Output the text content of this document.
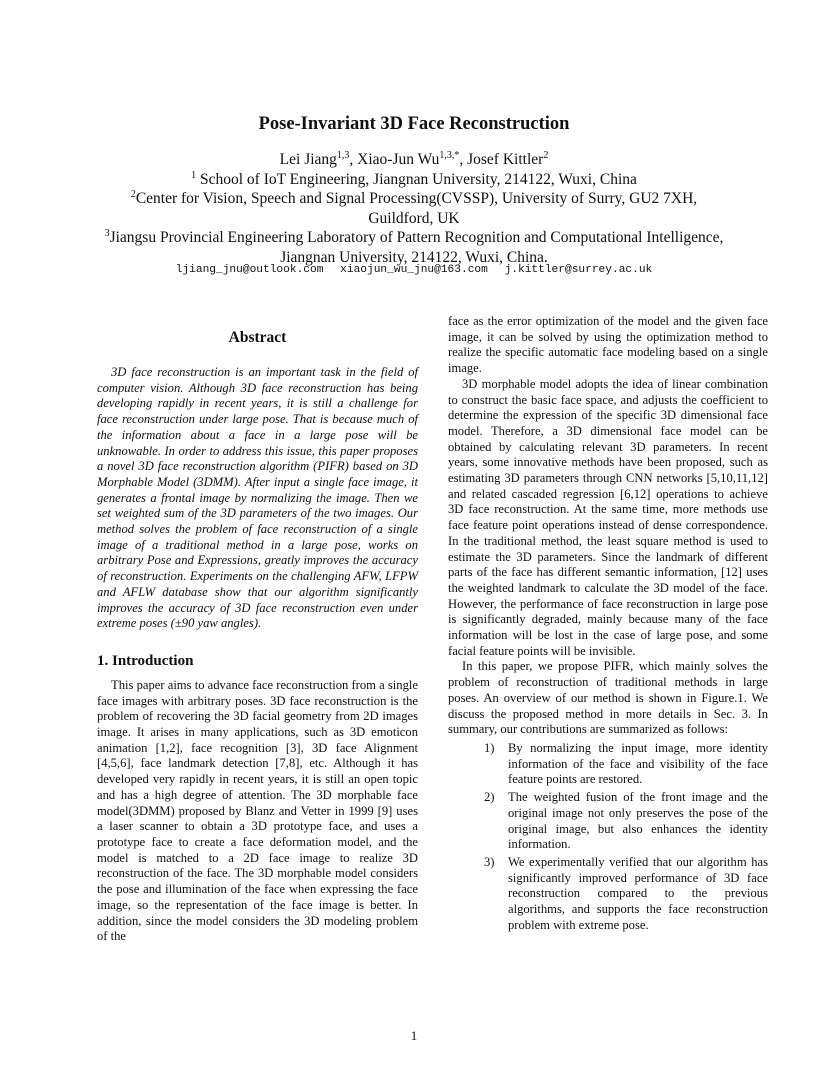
Pose-Invariant 3D Face Reconstruction
Lei Jiang$^{1,3}$, Xiao-Jun $Wu^{1,3,*}$, Josef Kittler$^2$
$^1$ School of IoT Engineering, Jiangnan University, 214122, Wuxi, China
$^2$Center for Vision, Speech and Signal Processing(CVSSP), University of Surry, GU2 7XH,
Guildford, UK
$^3$Jiangsu Provincial Engineering Laboratory of Pattern Recognition and Computational Intelligence,
Jiangnan University, 214122, Wuxi, China.
ljiang_jnu@outlook.com xiaojun_wu_jnu@163.com j.kittler@surrey.ac.uk
Abstract

3D face reconstruction is an important task in the field of computer vision. Although 3D face reconstruction has being developing rapidly in recent years, it is still a challenge for face reconstruction under large pose. That is because much of the information about a face in a large pose will be unknowable. In order to address this issue, this paper proposes a novel 3D face reconstruction algorithm (PIFR) based on 3D Morphable Model (3DMM). After input a single face image, it generates a frontal image by normalizing the image. Then we set weighted sum of the 3D parameters of the two images. Our method solves the problem of face reconstruction of a single image of a traditional method in a large pose, works on arbitrary Pose and Expressions, greatly improves the accuracy of reconstruction. Experiments on the challenging AFW, LFPW and AFLW database show that our algorithm significantly improves the accuracy of 3D face reconstruction even under extreme poses (±90 yaw angles).

1. Introduction

This paper aims to advance face reconstruction from a single face images with arbitrary poses. 3D face reconstruction is the problem of recovering the 3D facial geometry from 2D images image. It arises in many applications, such as 3D emoticon animation [1,2], face recognition [3], 3D face Alignment [4,5,6], face landmark detection [7,8], etc. Although it has developed very rapidly in recent years, it is still an open topic and has a high degree of attention. The 3D morphable face model(3DMM) proposed by Blanz and Vetter in 1999 [9] uses a laser scanner to obtain a 3D prototype face, and uses a prototype face to create a face deformation model, and the model is matched to a 2D face image to realize 3D reconstruction of the face. The 3D morphable model considers the pose and illumination of the face when expressing the face image, so the representation of the face image is better. In addition, since the model considers the 3D modeling problem of the

face as the error optimization of the model and the given face image, it can be solved by using the optimization method to realize the specific automatic face modeling based on a single image.

3D morphable model adopts the idea of linear combination to construct the basic face space, and adjusts the coefficient to determine the expression of the specific 3D dimensional face model. Therefore, a 3D dimensional face model can be obtained by calculating relevant 3D parameters. In recent years, some innovative methods have been proposed, such as estimating 3D parameters through CNN networks [5,10,11,12] and related cascaded regression [6,12] operations to achieve 3D face reconstruction. At the same time, more methods use face feature point operations instead of dense correspondence. In the traditional method, the least square method is used to estimate the 3D parameters. Since the landmark of different parts of the face has different semantic information, [12] uses the weighted landmark to calculate the 3D model of the face. However, the performance of face reconstruction in large pose is significantly degraded, mainly because many of the face information will be lost in the case of large pose, and some facial feature points will be invisible.

In this paper, we propose PIFR, which mainly solves the problem of reconstruction of traditional methods in large poses. An overview of our method is shown in Figure.1. We discuss the proposed method in more details in Sec. 3. In summary, our contributions are summarized as follows:

1) By normalizing the input image, more identity information of the face and visibility of the face feature points are restored.
2) The weighted fusion of the front image and the original image not only preserves the pose of the original image, but also enhances the identity information.
3) We experimentally verified that our algorithm has significantly improved performance of 3D face reconstruction compared to the previous algorithms, and supports the face reconstruction problem with extreme pose.
1
